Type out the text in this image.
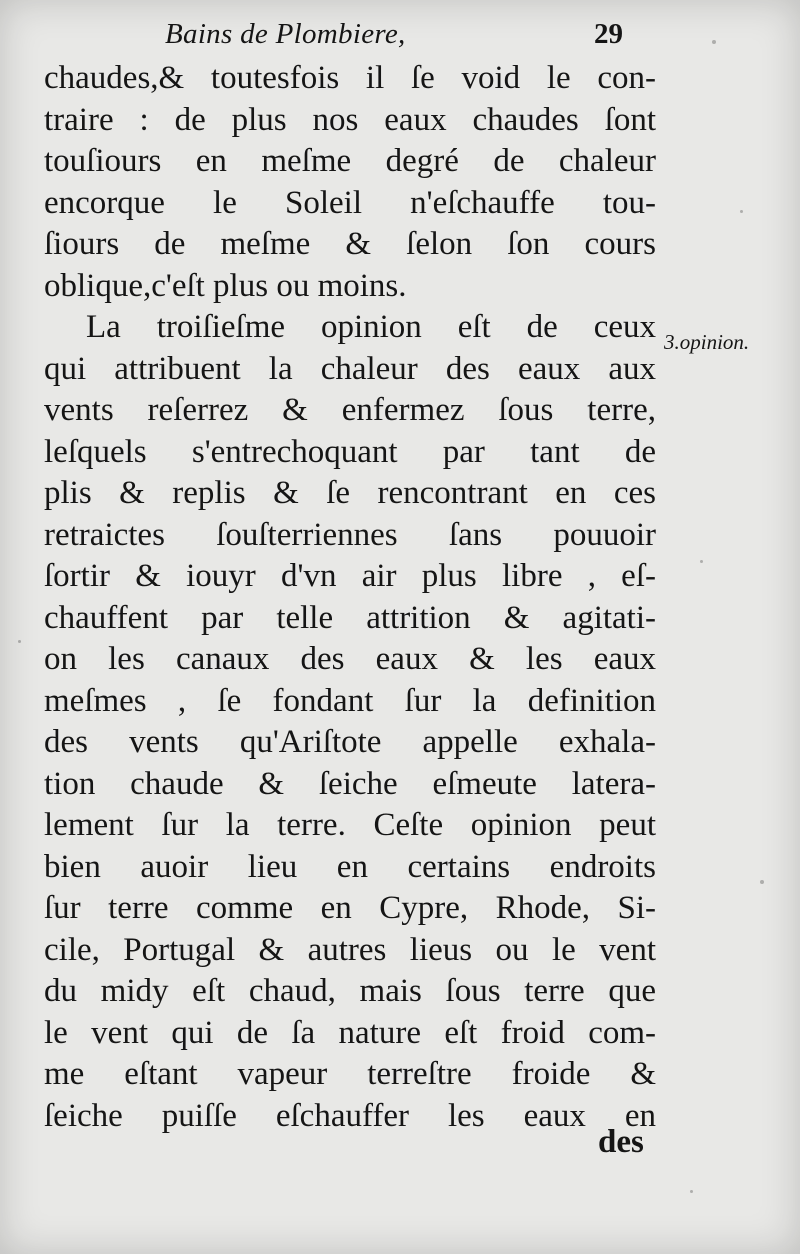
Bains de Plombiere,	29
3.opinion.
chaudes,& toutesfois il ſe void le con-
traire : de plus nos eaux chaudes ſont
touſiours en meſme degré de chaleur
encorque le Soleil n'eſchauffe tou-
ſiours de meſme & ſelon ſon cours
oblique,c'eſt plus ou moins.
La troiſieſme opinion eſt de ceux
qui attribuent la chaleur des eaux aux
vents reſerrez & enfermez ſous terre,
leſquels s'entrechoquant par tant de
plis & replis & ſe rencontrant en ces
retraictes ſouſterriennes ſans pouuoir
ſortir & iouyr d'vn air plus libre , eſ-
chauffent par telle attrition & agitati-
on les canaux des eaux & les eaux
meſmes , ſe fondant ſur la definition
des vents qu'Ariſtote appelle exhala-
tion chaude & ſeiche eſmeute latera-
lement ſur la terre. Ceſte opinion peut
bien auoir lieu en certains endroits
ſur terre comme en Cypre, Rhode, Si-
cile, Portugal & autres lieus ou le vent
du midy eſt chaud, mais ſous terre que
le vent qui de ſa nature eſt froid com-
me eſtant vapeur terreſtre froide &
ſeiche puiſſe eſchauffer les eaux en
des
